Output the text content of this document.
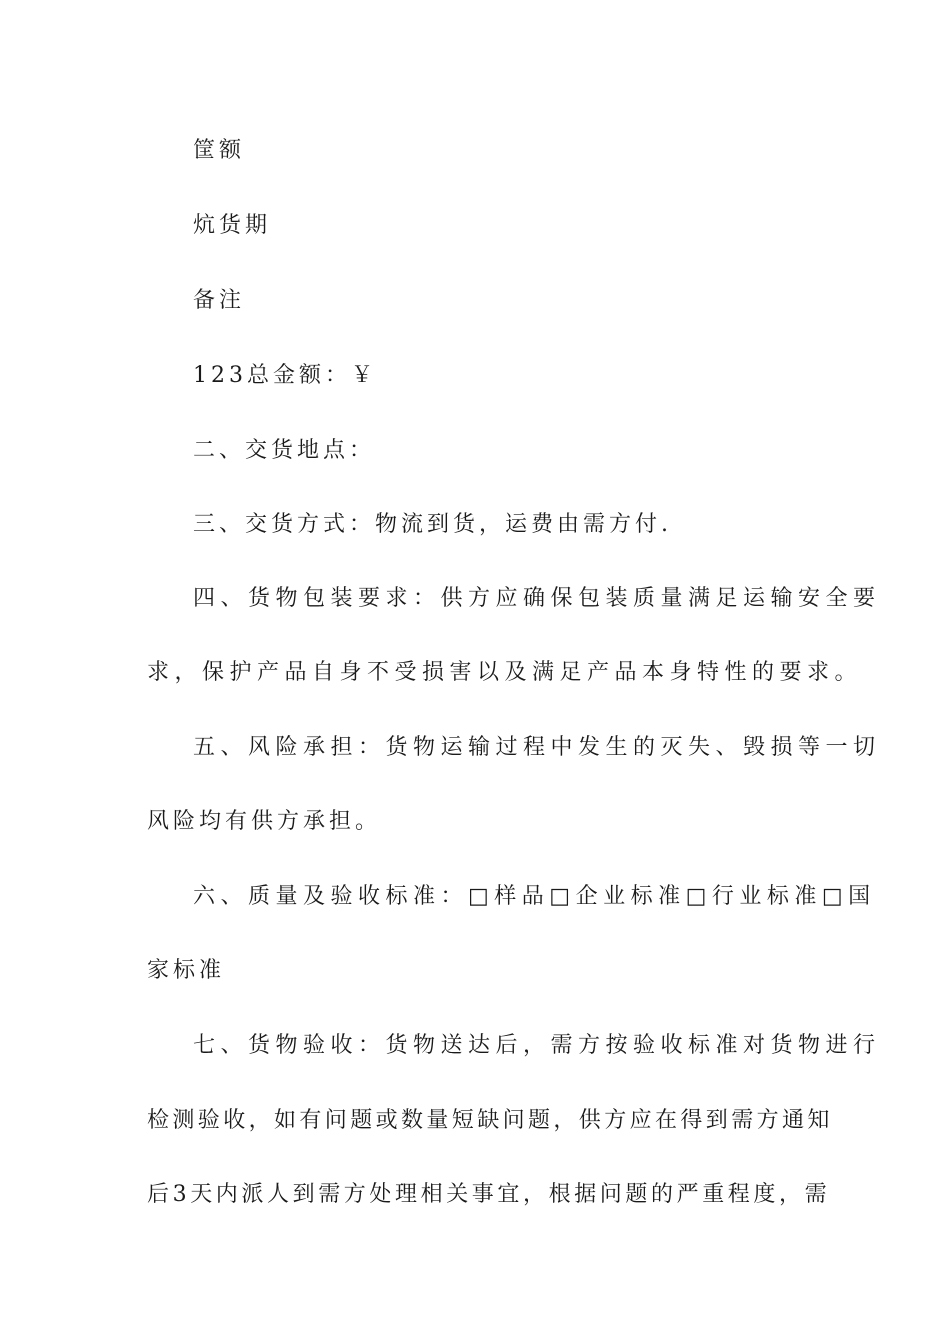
筐额
炕货期
备注
123总金额：￥
二、交货地点：
三、交货方式：物流到货，运费由需方付.
四、货物包装要求：供方应确保包装质量满足运输安全要
求，保护产品自身不受损害以及满足产品本身特性的要求。
五、风险承担：货物运输过程中发生的灭失、毁损等一切
风险均有供方承担。
六、质量及验收标准：□样品□企业标准□行业标准□国
家标准
七、货物验收：货物送达后，需方按验收标准对货物进行
检测验收，如有问题或数量短缺问题，供方应在得到需方通知
后3天内派人到需方处理相关事宜，根据问题的严重程度，需
